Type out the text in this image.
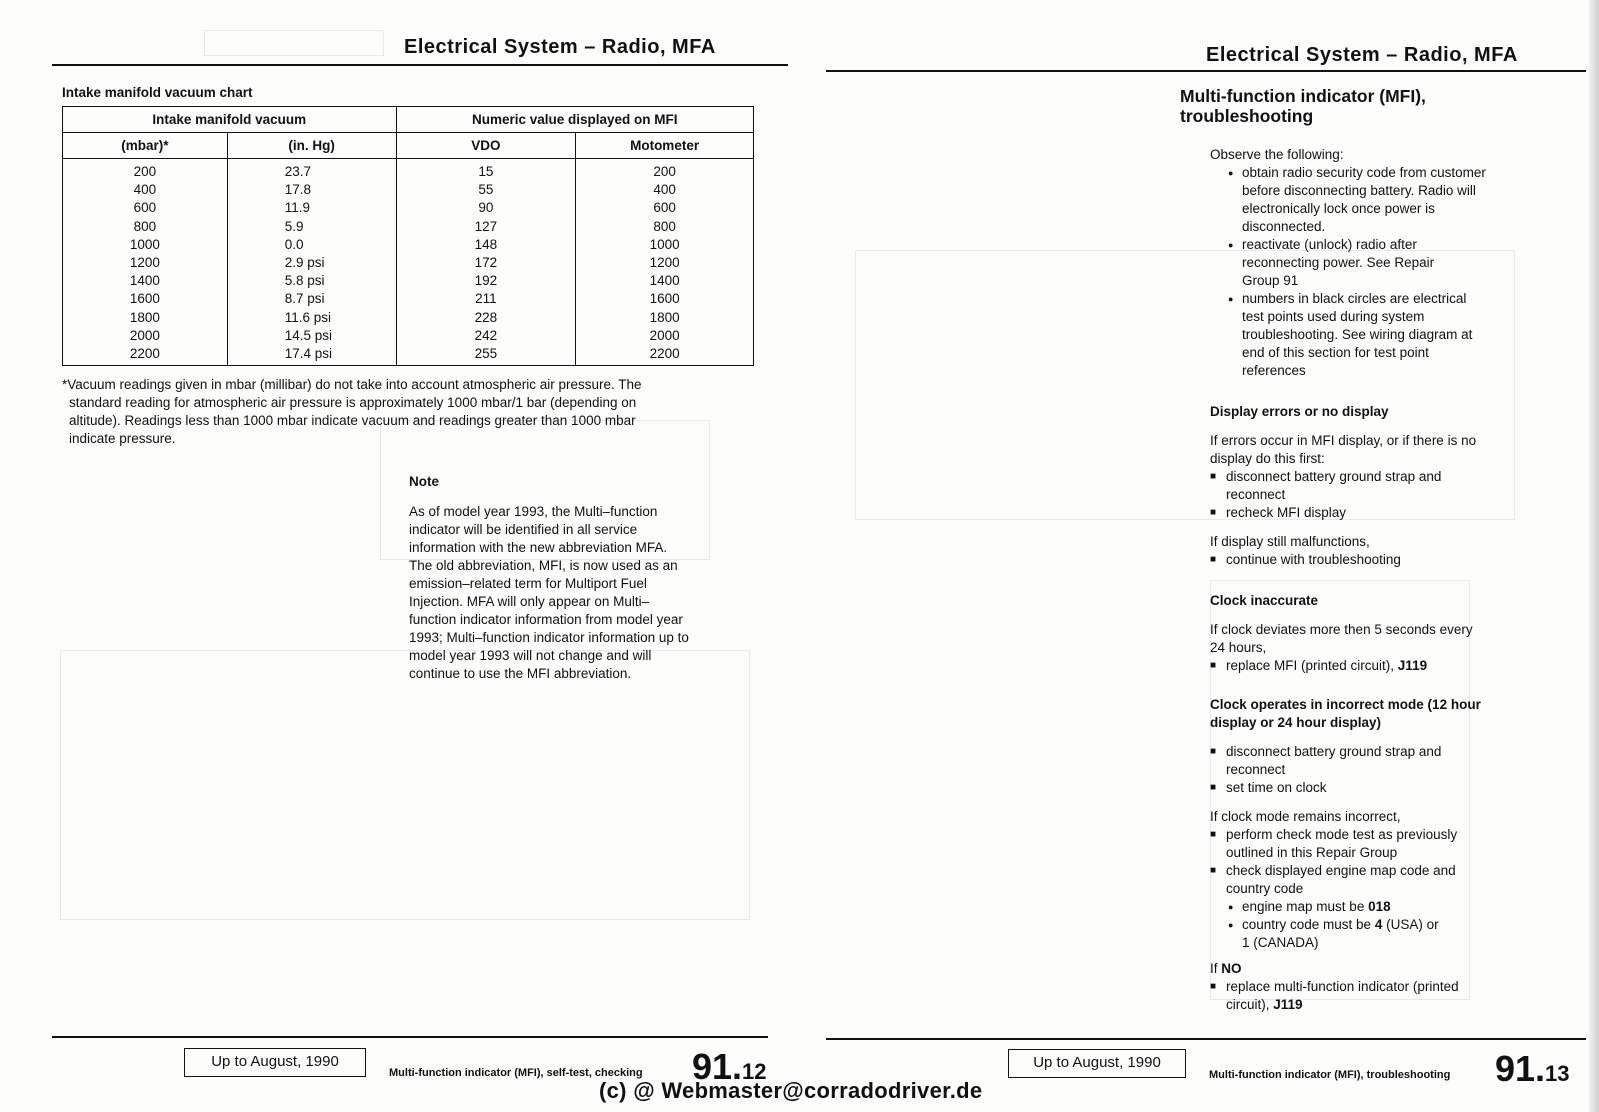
Electrical System – Radio, MFA
Intake manifold vacuum chart
Intake manifold vacuum		Numeric value displayed on MFI	
(mbar)*	(in. Hg)	VDO	Motometer
200	23.7	15	200
400	17.8	55	400
600	11.9	90	600
800	5.9	127	800
1000	0.0	148	1000
1200	2.9 psi	172	1200
1400	5.8 psi	192	1400
1600	8.7 psi	211	1600
1800	11.6 psi	228	1800
2000	14.5 psi	242	2000
2200	17.4 psi	255	2200
*Vacuum readings given in mbar (millibar) do not take into account atmospheric air pressure. The
standard reading for atmospheric air pressure is approximately 1000 mbar/1 bar (depending on
altitude). Readings less than 1000 mbar indicate vacuum and readings greater than 1000 mbar
indicate pressure.
Note
As of model year 1993, the Multi–function
indicator will be identified in all service
information with the new abbreviation MFA.
The old abbreviation, MFI, is now used as an
emission–related term for Multiport Fuel
Injection. MFA will only appear on Multi–
function indicator information from model year
1993; Multi–function indicator information up to
model year 1993 will not change and will
continue to use the MFI abbreviation.
Up to August, 1990
Multi-function indicator (MFI), self-test, checking 91.12
Electrical System – Radio, MFA
Multi-function indicator (MFI),
troubleshooting
Observe the following:
● obtain radio security code from customer
before disconnecting battery. Radio will
electronically lock once power is
disconnected.
● reactivate (unlock) radio after
reconnecting power. See Repair
Group 91
● numbers in black circles are electrical
test points used during system
troubleshooting. See wiring diagram at
end of this section for test point
references
Display errors or no display
If errors occur in MFI display, or if there is no
display do this first:
■ disconnect battery ground strap and
reconnect
■ recheck MFI display
If display still malfunctions,
■ continue with troubleshooting
Clock inaccurate
If clock deviates more then 5 seconds every
24 hours,
■ replace MFI (printed circuit), J119
Clock operates in incorrect mode (12 hour
display or 24 hour display)
■ disconnect battery ground strap and
reconnect
■ set time on clock
If clock mode remains incorrect,
■ perform check mode test as previously
outlined in this Repair Group
■ check displayed engine map code and
country code
● engine map must be 018
● country code must be 4 (USA) or
1 (CANADA)
If NO
■ replace multi-function indicator (printed
circuit), J119
Up to August, 1990
Multi-function indicator (MFI), troubleshooting 91.13
(c) @ Webmaster@corradodriver.de
